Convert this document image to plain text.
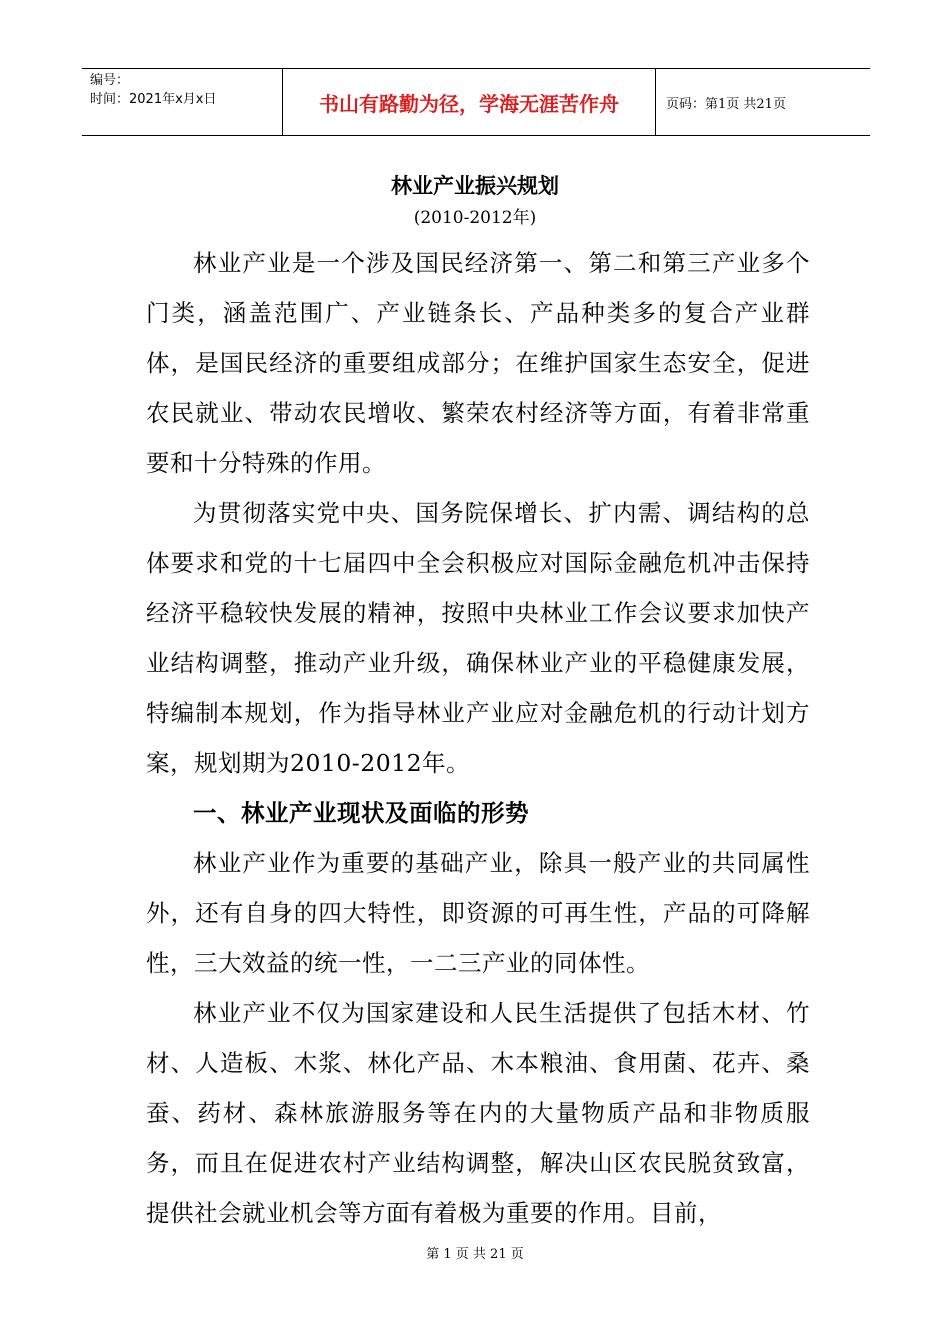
编号：
时间：2021年x月x日	书山有路勤为径，学海无涯苦作舟	页码：第1页 共21页
林业产业振兴规划
(2010-2012年)

林业产业是一个涉及国民经济第一、第二和第三产业多个门类，涵盖范围广、产业链条长、产品种类多的复合产业群体，是国民经济的重要组成部分；在维护国家生态安全，促进农民就业、带动农民增收、繁荣农村经济等方面，有着非常重要和十分特殊的作用。

为贯彻落实党中央、国务院保增长、扩内需、调结构的总体要求和党的十七届四中全会积极应对国际金融危机冲击保持经济平稳较快发展的精神，按照中央林业工作会议要求加快产业结构调整，推动产业升级，确保林业产业的平稳健康发展，特编制本规划，作为指导林业产业应对金融危机的行动计划方案，规划期为2010-2012年。

一、林业产业现状及面临的形势

林业产业作为重要的基础产业，除具一般产业的共同属性外，还有自身的四大特性，即资源的可再生性，产品的可降解性，三大效益的统一性，一二三产业的同体性。

林业产业不仅为国家建设和人民生活提供了包括木材、竹材、人造板、木浆、林化产品、木本粮油、食用菌、花卉、桑蚕、药材、森林旅游服务等在内的大量物质产品和非物质服务，而且在促进农村产业结构调整，解决山区农民脱贫致富，提供社会就业机会等方面有着极为重要的作用。目前，

第 1 页 共 21 页
